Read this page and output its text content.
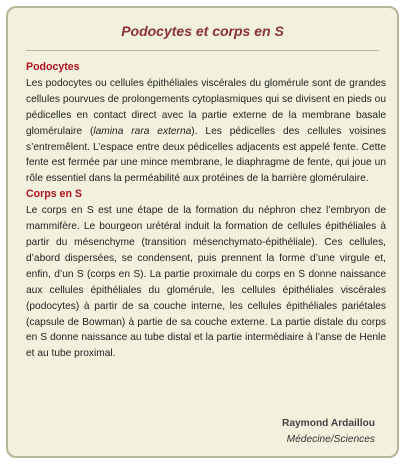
Podocytes et corps en S
Podocytes

Les podocytes ou cellules épithéliales viscérales du glomérule sont de grandes cellules pourvues de prolongements cytoplasmiques qui se divisent en pieds ou pédicelles en contact direct avec la partie externe de la membrane basale glomérulaire (lamina rara externa). Les pédicelles des cellules voisines s’entremêlent. L’espace entre deux pédicelles adjacents est appelé fente. Cette fente est fermée par une mince membrane, le diaphragme de fente, qui joue un rôle essentiel dans la perméabilité aux protéines de la barrière glomérulaire.

Corps en S

Le corps en S est une étape de la formation du néphron chez l’embryon de mammifère. Le bourgeon urétéral induit la formation de cellules épithéliales à partir du mésenchyme (transition mésenchymato-épithéliale). Ces cellules, d’abord dispersées, se condensent, puis prennent la forme d’une virgule et, enfin, d’un S (corps en S). La partie proximale du corps en S donne naissance aux cellules épithéliales du glomérule, les cellules épithéliales viscérales (podocytes) à partir de sa couche interne, les cellules épithéliales pariétales (capsule de Bowman) à partie de sa couche externe. La partie distale du corps en S donne naissance au tube distal et la partie intermédiaire à l’anse de Henle et au tube proximal.

Raymond Ardaillou
Médecine/Sciences
